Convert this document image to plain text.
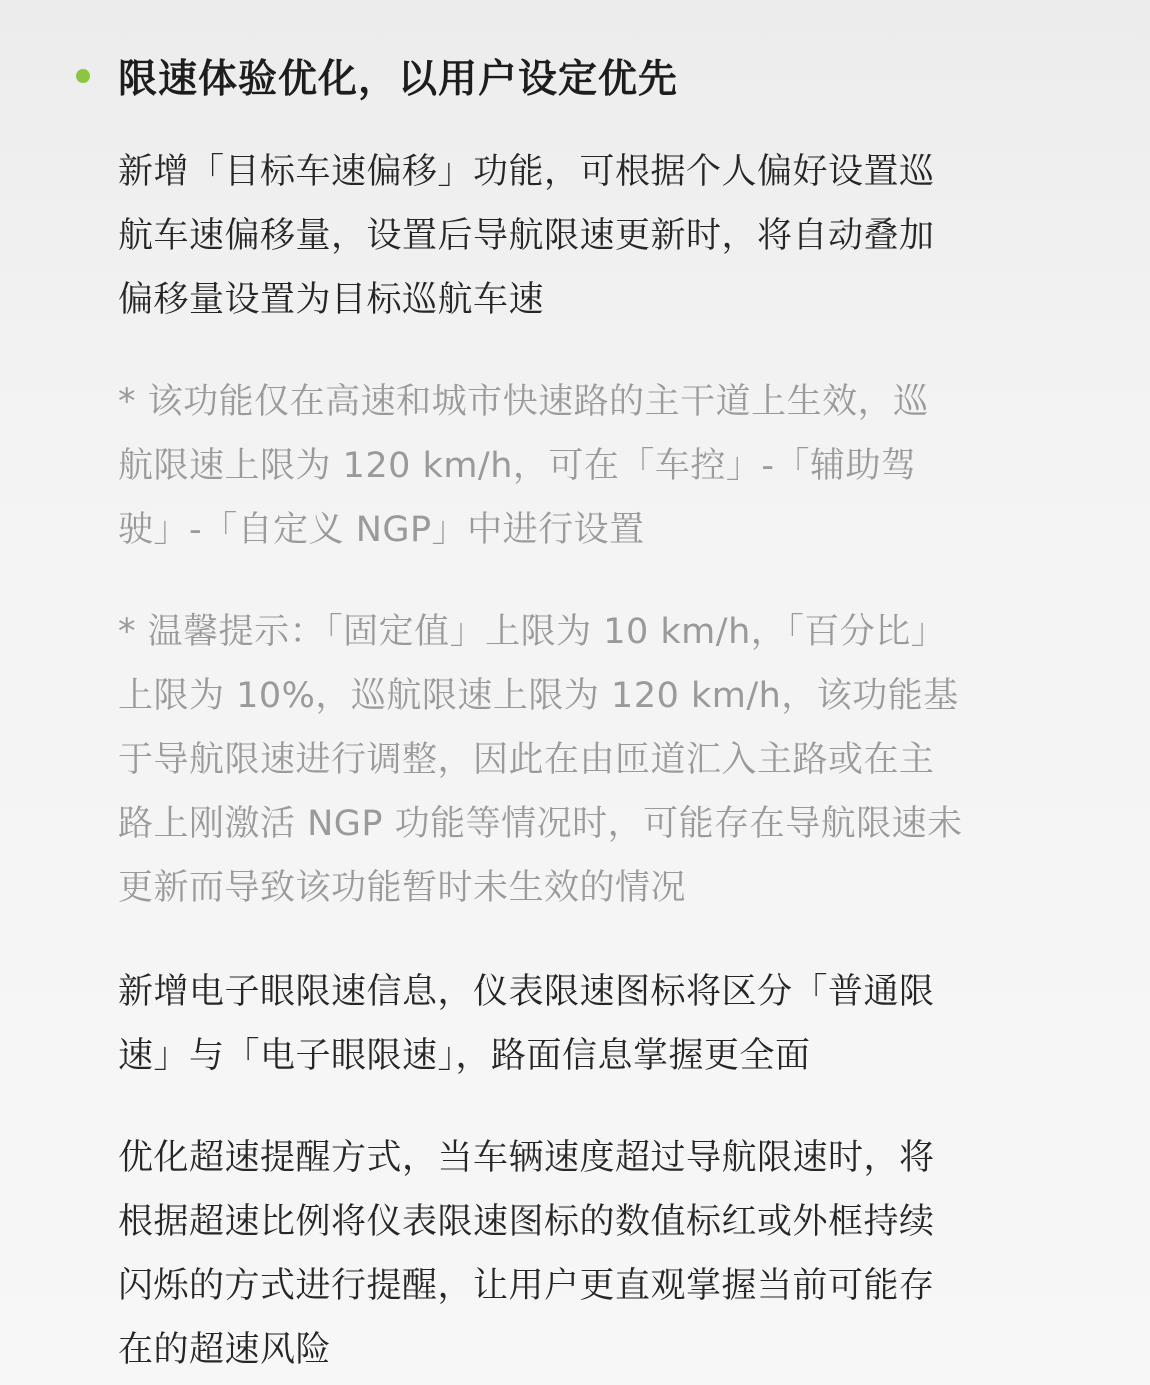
限速体验优化，以用户设定优先
新增「目标车速偏移」功能，可根据个人偏好设置巡
航车速偏移量，设置后导航限速更新时，将自动叠加
偏移量设置为目标巡航车速
* 该功能仅在高速和城市快速路的主干道上生效，巡
航限速上限为 120 km/h，可在「车控」-「辅助驾
驶」-「自定义 NGP」中进行设置
* 温馨提示：「固定值」上限为 10 km/h，「百分比」
上限为 10%，巡航限速上限为 120 km/h，该功能基
于导航限速进行调整，因此在由匝道汇入主路或在主
路上刚激活 NGP 功能等情况时，可能存在导航限速未
更新而导致该功能暂时未生效的情况
新增电子眼限速信息，仪表限速图标将区分「普通限
速」与「电子眼限速」，路面信息掌握更全面
优化超速提醒方式，当车辆速度超过导航限速时，将
根据超速比例将仪表限速图标的数值标红或外框持续
闪烁的方式进行提醒，让用户更直观掌握当前可能存
在的超速风险
